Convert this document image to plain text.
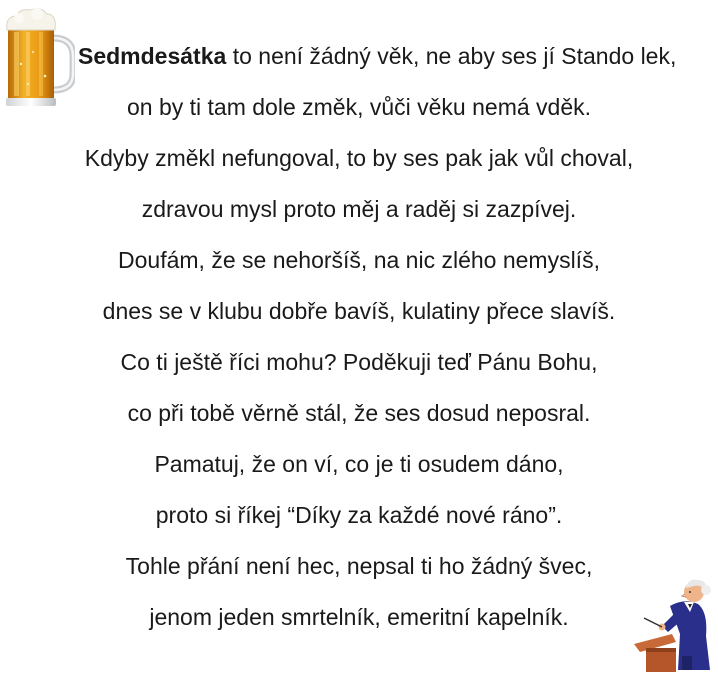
Sedmdesátka to není žádný věk, ne aby ses jí Stando lek,
on by ti tam dole změk, vůči věku nemá vděk.
Kdyby změkl nefungoval, to by ses pak jak vůl choval,
zdravou mysl proto měj a raděj si zazpívej.
Doufám, že se nehoršíš, na nic zlého nemyslíš,
dnes se v klubu dobře bavíš, kulatiny přece slavíš.
Co ti ještě říci mohu? Poděkuji teď Pánu Bohu,
co při tobě věrně stál, že ses dosud neposral.
Pamatuj, že on ví, co je ti osudem dáno,
proto si říkej “Díky za každé nové ráno”.
Tohle přání není hec, nepsal ti ho žádný švec,
jenom jeden smrtelník, emeritní kapelník.
